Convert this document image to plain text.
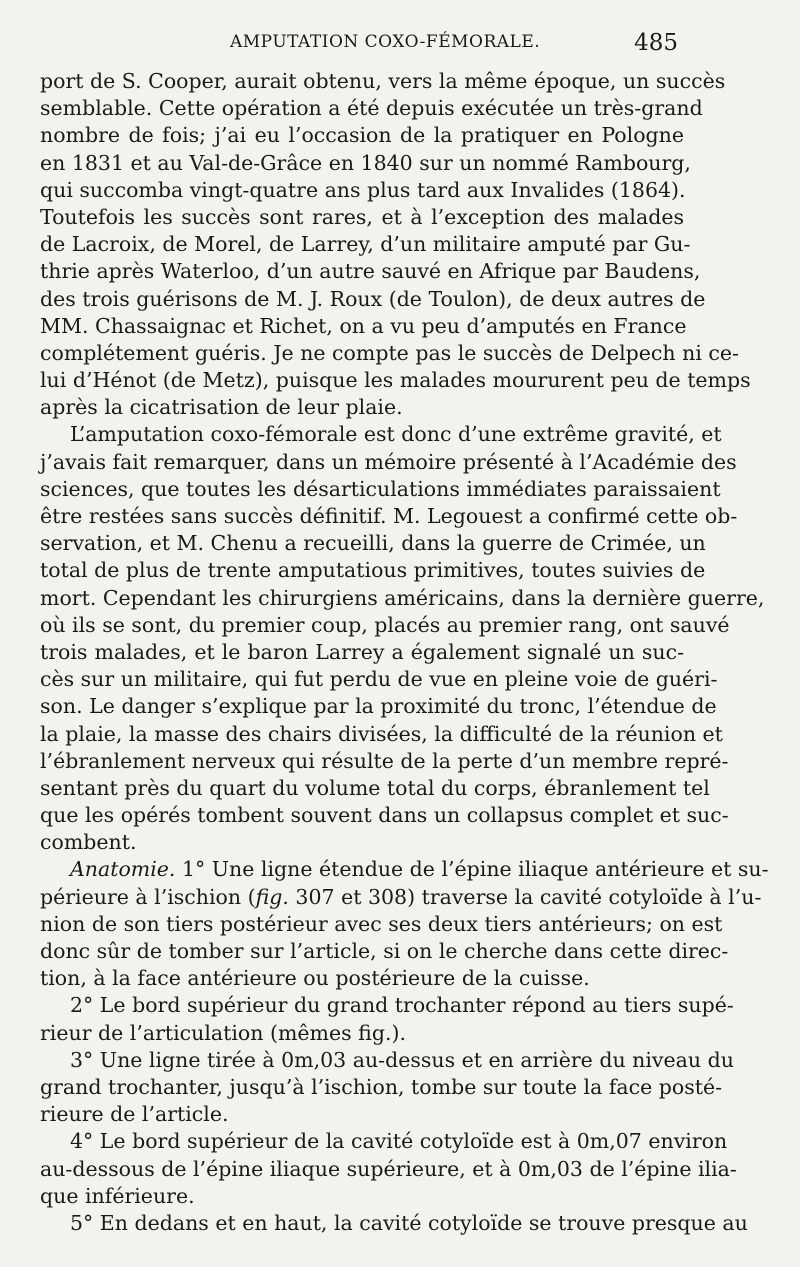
AMPUTATION COXO-FÉMORALE.	485
port de S. Cooper, aurait obtenu, vers la même époque, un succès
semblable. Cette opération a été depuis exécutée un très-grand
nombre de fois; j’ai eu l’occasion de la pratiquer en Pologne
en 1831 et au Val-de-Grâce en 1840 sur un nommé Rambourg,
qui succomba vingt-quatre ans plus tard aux Invalides (1864).
Toutefois les succès sont rares, et à l’exception des malades
de Lacroix, de Morel, de Larrey, d’un militaire amputé par Gu-
thrie après Waterloo, d’un autre sauvé en Afrique par Baudens,
des trois guérisons de M. J. Roux (de Toulon), de deux autres de
MM. Chassaignac et Richet, on a vu peu d’amputés en France
complétement guéris. Je ne compte pas le succès de Delpech ni ce-
lui d’Hénot (de Metz), puisque les malades moururent peu de temps
après la cicatrisation de leur plaie.
L’amputation coxo-fémorale est donc d’une extrême gravité, et
j’avais fait remarquer, dans un mémoire présenté à l’Académie des
sciences, que toutes les désarticulations immédiates paraissaient
être restées sans succès définitif. M. Legouest a confirmé cette ob-
servation, et M. Chenu a recueilli, dans la guerre de Crimée, un
total de plus de trente amputatious primitives, toutes suivies de
mort. Cependant les chirurgiens américains, dans la dernière guerre,
où ils se sont, du premier coup, placés au premier rang, ont sauvé
trois malades, et le baron Larrey a également signalé un suc-
cès sur un militaire, qui fut perdu de vue en pleine voie de guéri-
son. Le danger s’explique par la proximité du tronc, l’étendue de
la plaie, la masse des chairs divisées, la difficulté de la réunion et
l’ébranlement nerveux qui résulte de la perte d’un membre repré-
sentant près du quart du volume total du corps, ébranlement tel
que les opérés tombent souvent dans un collapsus complet et suc-
combent.
Anatomie. 1° Une ligne étendue de l’épine iliaque antérieure et su-
périeure à l’ischion (fig. 307 et 308) traverse la cavité cotyloïde à l’u-
nion de son tiers postérieur avec ses deux tiers antérieurs; on est
donc sûr de tomber sur l’article, si on le cherche dans cette direc-
tion, à la face antérieure ou postérieure de la cuisse.
2° Le bord supérieur du grand trochanter répond au tiers supé-
rieur de l’articulation (mêmes fig.).
3° Une ligne tirée à 0m,03 au-dessus et en arrière du niveau du
grand trochanter, jusqu’à l’ischion, tombe sur toute la face posté-
rieure de l’article.
4° Le bord supérieur de la cavité cotyloïde est à 0m,07 environ
au-dessous de l’épine iliaque supérieure, et à 0m,03 de l’épine ilia-
que inférieure.
5° En dedans et en haut, la cavité cotyloïde se trouve presque au
